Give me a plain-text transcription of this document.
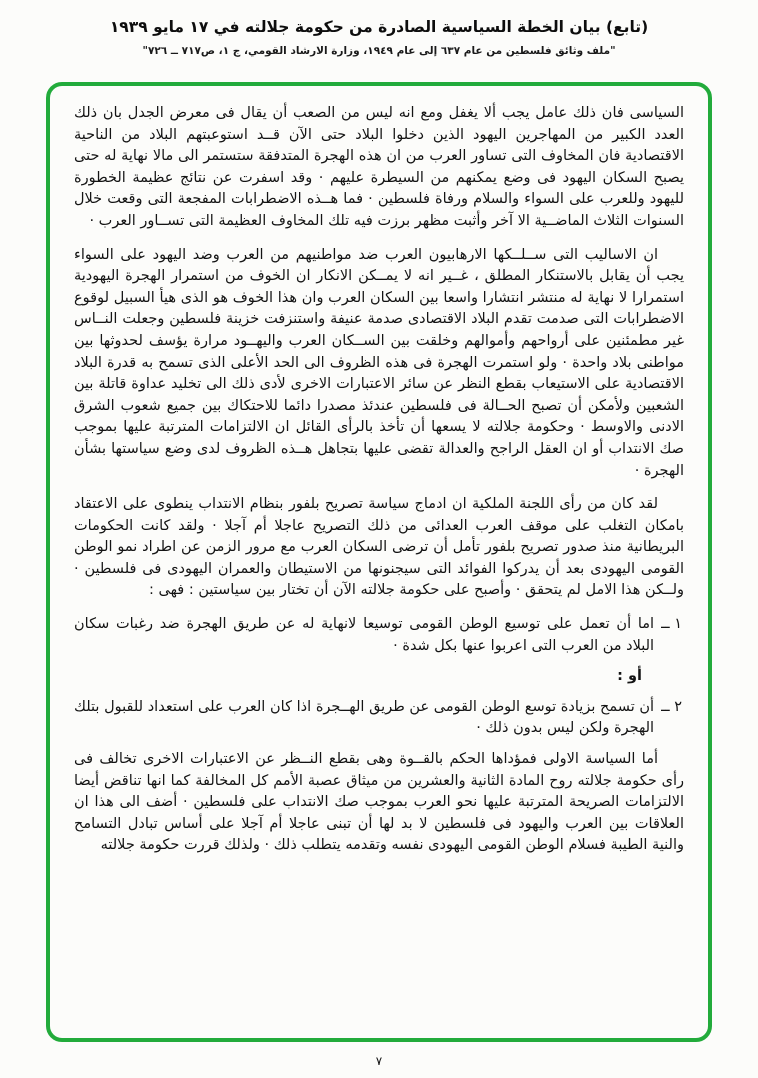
(تابع) بيان الخطة السياسية الصادرة من حكومة جلالته في ١٧ مايو ١٩٣٩
"ملف وثائق فلسطين من عام ٦٣٧ إلى عام ١٩٤٩، وزارة الارشاد القومي، ج ١، ص٧١٧ ــ ٧٢٦"

السياسى فان ذلك عامل يجب ألا يغفل ومع انه ليس من الصعب أن يقال فى معرض الجدل بان ذلك العدد الكبير من المهاجرين اليهود الذين دخلوا البلاد حتى الآن قــد استوعبتهم البلاد من الناحية الاقتصادية فان المخاوف التى تساور العرب من ان هذه الهجرة المتدفقة ستستمر الى مالا نهاية له حتى يصبح السكان اليهود فى وضع يمكنهم من السيطرة عليهم · وقد اسفرت عن نتائج عظيمة الخطورة لليهود وللعرب على السواء والسلام ورفاة فلسطين · فما هــذه الاضطرابات المفجعة التى وقعت خلال السنوات الثلاث الماضــية الا آخر وأثبت مظهر برزت فيه تلك المخاوف العظيمة التى تســاور العرب ·

ان الاساليب التى ســلــكها الارهابيون العرب ضد مواطنيهم من العرب وضد اليهود على السواء يجب أن يقابل بالاستنكار المطلق ، غــير انه لا يمــكن الانكار ان الخوف من استمرار الهجرة اليهودية استمرارا لا نهاية له منتشر انتشارا واسعا بين السكان العرب وان هذا الخوف هو الذى هيأ السبيل لوقوع الاضطرابات التى صدمت تقدم البلاد الاقتصادى صدمة عنيفة واستنزفت خزينة فلسطين وجعلت النــاس غير مطمئنين على أرواحهم وأموالهم وخلقت بين الســكان العرب واليهــود مرارة يؤسف لحدوثها بين مواطنى بلاد واحدة · ولو استمرت الهجرة فى هذه الظروف الى الحد الأعلى الذى تسمح به قدرة البلاد الاقتصادية على الاستيعاب بقطع النظر عن سائر الاعتبارات الاخرى لأدى ذلك الى تخليد عداوة قاتلة بين الشعبين ولأمكن أن تصبح الحــالة فى فلسطين عندئذ مصدرا دائما للاحتكاك بين جميع شعوب الشرق الادنى والاوسط · وحكومة جلالته لا يسعها أن تأخذ بالرأى القائل ان الالتزامات المترتبة عليها بموجب صك الانتداب أو ان العقل الراجح والعدالة تقضى عليها بتجاهل هــذه الظروف لدى وضع سياستها بشأن الهجرة ·

لقد كان من رأى اللجنة الملكية ان ادماج سياسة تصريح بلفور بنظام الانتداب ينطوى على الاعتقاد بامكان التغلب على موقف العرب العدائى من ذلك التصريح عاجلا أم آجلا · ولقد كانت الحكومات البريطانية منذ صدور تصريح بلفور تأمل أن ترضى السكان العرب مع مرور الزمن عن اطراد نمو الوطن القومى اليهودى بعد أن يدركوا الفوائد التى سيجنونها من الاستيطان والعمران اليهودى فى فلسطين · ولــكن هذا الامل لم يتحقق · وأصبح على حكومة جلالته الآن أن تختار بين سياستين : فهى :

١ ــ
اما أن تعمل على توسيع الوطن القومى توسيعا لانهاية له عن طريق الهجرة ضد رغبات سكان البلاد من العرب التى اعربوا عنها بكل شدة ·
أو :
٢ ــ
أن تسمح بزيادة توسع الوطن القومى عن طريق الهــجرة اذا كان العرب على استعداد للقبول بتلك الهجرة ولكن ليس بدون ذلك ·

أما السياسة الاولى فمؤداها الحكم بالقــوة وهى بقطع النــظر عن الاعتبارات الاخرى تخالف فى رأى حكومة جلالته روح المادة الثانية والعشرين من ميثاق عصبة الأمم كل المخالفة كما انها تناقض أيضا الالتزامات الصريحة المترتبة عليها نحو العرب بموجب صك الانتداب على فلسطين · أضف الى هذا ان العلاقات بين العرب واليهود فى فلسطين لا بد لها أن تبنى عاجلا أم آجلا على أساس تبادل التسامح والنية الطيبة فسلام الوطن القومى اليهودى نفسه وتقدمه يتطلب ذلك · ولذلك قررت حكومة جلالته

٧
